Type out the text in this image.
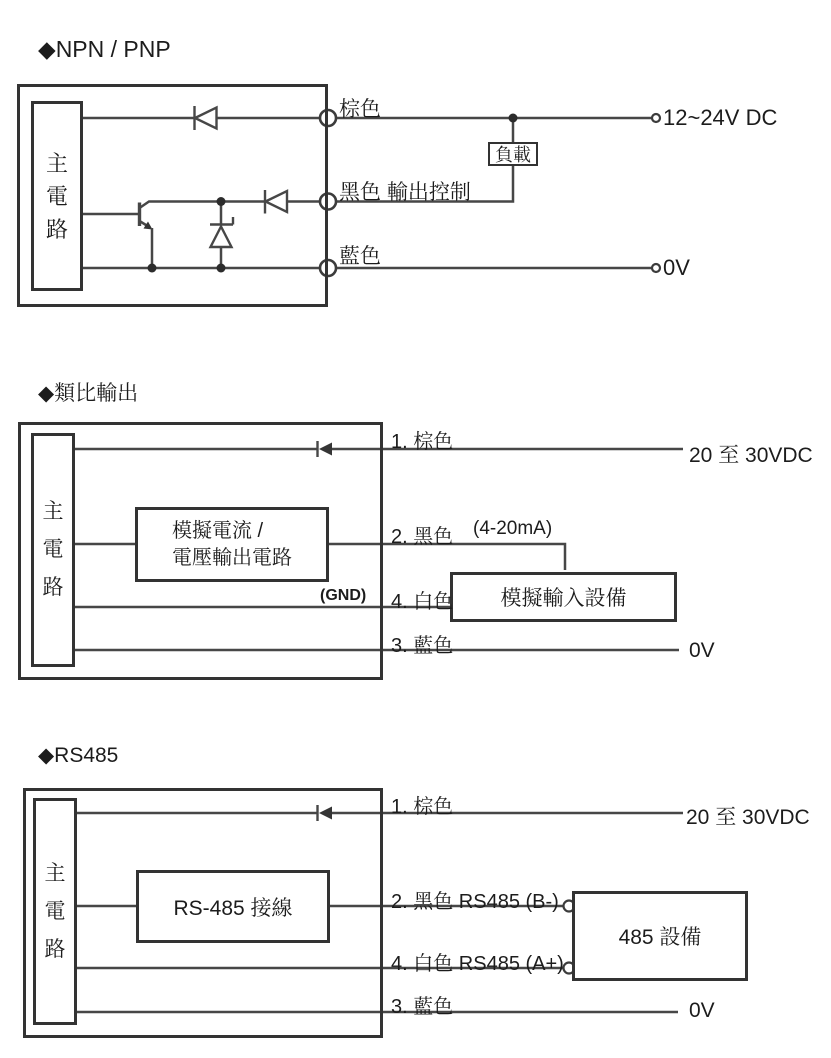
◆NPN / PNP
主電路
負載
棕色
黑色 輸出控制
藍色
12~24V DC
0V
◆類比輸出
主電路
模擬電流 /
電壓輸出電路
模擬輸入設備
1. 棕色
20 至 30VDC
2. 黑色 (4-20mA)
(GND) 4. 白色
3. 藍色	0V
◆RS485
主電路
RS-485 接線
485 設備
1. 棕色	20 至 30VDC
2. 黑色 RS485 (B-)
4. 白色 RS485 (A+)
3. 藍色	0V
